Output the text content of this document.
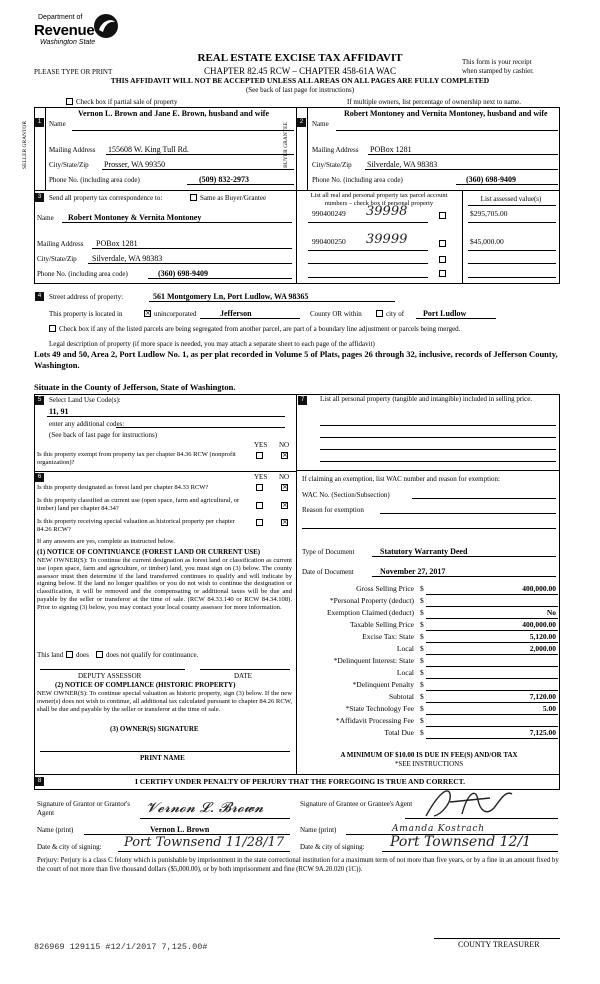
Department of
Revenue
Washington State
REAL ESTATE EXCISE TAX AFFIDAVIT
CHAPTER 82.45 RCW – CHAPTER 458-61A WAC
PLEASE TYPE OR PRINT
This form is your receipt
when stamped by cashier.
THIS AFFIDAVIT WILL NOT BE ACCEPTED UNLESS ALL AREAS ON ALL PAGES ARE FULLY COMPLETED
(See back of last page for instructions)
Check box if partial sale of property	If multiple owners, list percentage of ownership next to name.
1
SELLER GRANTOR
Vernon L. Brown and Jane E. Brown, husband and wife
Name
Mailing Address 155608 W. King Tull Rd.
City/State/Zip Prosser, WA 99350
Phone No. (including area code)	(509) 832-2973
2
BUYER GRANTEE
Robert Montoney and Vernita Montoney, husband and wife
Name
Mailing Address POBox 1281
City/State/Zip Silverdale, WA 98383
Phone No. (including area code)	(360) 698-9409
3	Send all property tax correspondence to:	Same as Buyer/Grantee
Name Robert Montoney & Vernita Montoney
Mailing Address POBox 1281
City/State/Zip Silverdale, WA 98383
Phone No. (including area code)	(360) 698-9409
List all real and personal property tax parcel account numbers – check box if personal property
List assessed value(s)
990400249 39998	$295,705.00
990400250 39999	$45,000.00
4	Street address of property:	561 Montgomery Ln, Port Ludlow, WA 98365
This property is located in	× unincorporated	Jefferson	County OR within	city of Port Ludlow
Check box if any of the listed parcels are being segregated from another parcel, are part of a boundary line adjustment or parcels being merged.
Legal description of property (if more space is needed, you may attach a separate sheet to each page of the affidavit)
Lots 49 and 50, Area 2, Port Ludlow No. 1, as per plat recorded in Volume 5 of Plats, pages 26 through 32, inclusive, records of Jefferson County, Washington.
Situate in the County of Jefferson, State of Washington.
5	Select Land Use Code(s):
11, 91
enter any additional codes:
(See back of last page for instructions)
YES NO
Is this property exempt from property tax per chapter 84.36 RCW (nonprofit organization)?
×
6	YES NO
Is this property designated as forest land per chapter 84.33 RCW?	×
Is this property classified as current use (open space, farm and agricultural, or timber) land per chapter 84.34?	×
Is this property receiving special valuation as historical property per chapter 84.26 RCW?
×
If any answers are yes, complete as instructed below.
(1) NOTICE OF CONTINUANCE (FOREST LAND OR CURRENT USE)
NEW OWNER(S): To continue the current designation as forest land or classification as current use (open space, farm and agriculture, or timber) land, you must sign on (3) below. The county assessor must then determine if the land transferred continues to qualify and will indicate by signing below. If the land no longer qualifies or you do not wish to continue the designation or classification, it will be removed and the compensating or additional taxes will be due and payable by the seller or transferor at the time of sale. (RCW 84.33.140 or RCW 84.34.108). Prior to signing (3) below, you may contact your local county assessor for more information.
This land does does not qualify for continuance.
DEPUTY ASSESSOR	DATE
(2) NOTICE OF COMPLIANCE (HISTORIC PROPERTY)
NEW OWNER(S): To continue special valuation as historic property, sign (3) below. If the new owner(s) does not wish to continue, all additional tax calculated pursuant to chapter 84.26 RCW, shall be due and payable by the seller or transferor at the time of sale.
(3) OWNER(S) SIGNATURE
PRINT NAME
7	List all personal property (tangible and intangible) included in selling price.
If claiming an exemption, list WAC number and reason for exemption:
WAC No. (Section/Subsection)
Reason for exemption
Type of Document	Statutory Warranty Deed
Date of Document	November 27, 2017
Gross Selling Price $	400,000.00
*Personal Property (deduct) $
Exemption Claimed (deduct) $	No
Taxable Selling Price $	400,000.00
Excise Tax: State $	5,120.00
Local $	2,000.00
*Delinquent Interest: State $
Local $
*Delinquent Penalty $
Subtotal $	7,120.00
*State Technology Fee $	5.00
*Affidavit Processing Fee $
Total Due $	7,125.00
A MINIMUM OF $10.00 IS DUE IN FEE(S) AND/OR TAX
*SEE INSTRUCTIONS
8	I CERTIFY UNDER PENALTY OF PERJURY THAT THE FOREGOING IS TRUE AND CORRECT.
Signature of Grantor or Grantor's Agent	𝓥𝓮𝓻𝓷𝓸𝓷 𝓛. 𝓑𝓻𝓸𝔀𝓷	Signature of Grantee or Grantee's Agent
Name (print)	Vernon L. Brown	Name (print)	Amanda Kostrach
Date & city of signing: Port Townsend 11/28/17 Date & city of signing: Port Townsend 12/1
Perjury: Perjury is a class C felony which is punishable by imprisonment in the state correctional institution for a maximum term of not more than five years, or by a fine in an amount fixed by the court of not more than five thousand dollars ($5,000.00), or by both imprisonment and fine (RCW 9A.20.020 (1C)).
826969 129115 #12/1/2017 7,125.00#	COUNTY TREASURER
